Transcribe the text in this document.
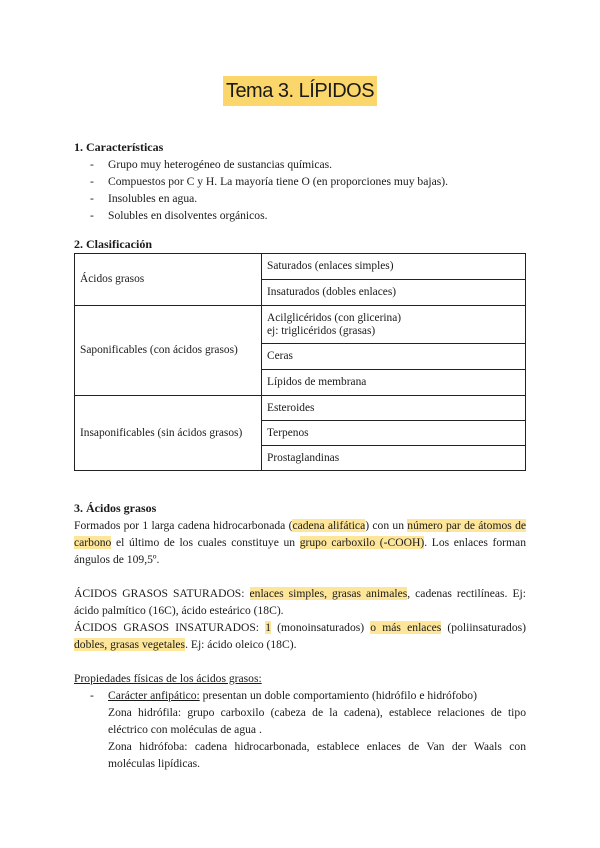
Tema 3. LÍPIDOS
1. Características
- Grupo muy heterogéneo de sustancias químicas.
- Compuestos por C y H. La mayoría tiene O (en proporciones muy bajas).
- Insolubles en agua.
- Solubles en disolventes orgánicos.
2. Clasificación
Ácidos grasos	Saturados (enlaces simples)
	Insaturados (dobles enlaces)
Saponificables (con ácidos grasos)	Acilglicéridos (con glicerina)
ej: triglicéridos (grasas)

	Ceras
	Lípidos de membrana
Insaponificables (sin ácidos grasos)	Esteroides
	Terpenos
	Prostaglandinas
3. Ácidos grasos

Formados por 1 larga cadena hidrocarbonada (cadena alifática) con un número par de átomos de carbono el último de los cuales constituye un grupo carboxilo (-COOH). Los enlaces forman ángulos de 109,5º.

ÁCIDOS GRASOS SATURADOS: enlaces simples, grasas animales, cadenas rectilíneas. Ej: ácido palmítico (16C), ácido esteárico (18C).

ÁCIDOS GRASOS INSATURADOS: 1 (monoinsaturados) o más enlaces (poliinsaturados) dobles, grasas vegetales. Ej: ácido oleico (18C).

Propiedades físicas de los ácidos grasos:
- Carácter anfipático: presentan un doble comportamiento (hidrófilo e hidrófobo)
Zona hidrófila: grupo carboxilo (cabeza de la cadena), establece relaciones de tipo eléctrico con moléculas de agua .
Zona hidrófoba: cadena hidrocarbonada, establece enlaces de Van der Waals con moléculas lipídicas.
